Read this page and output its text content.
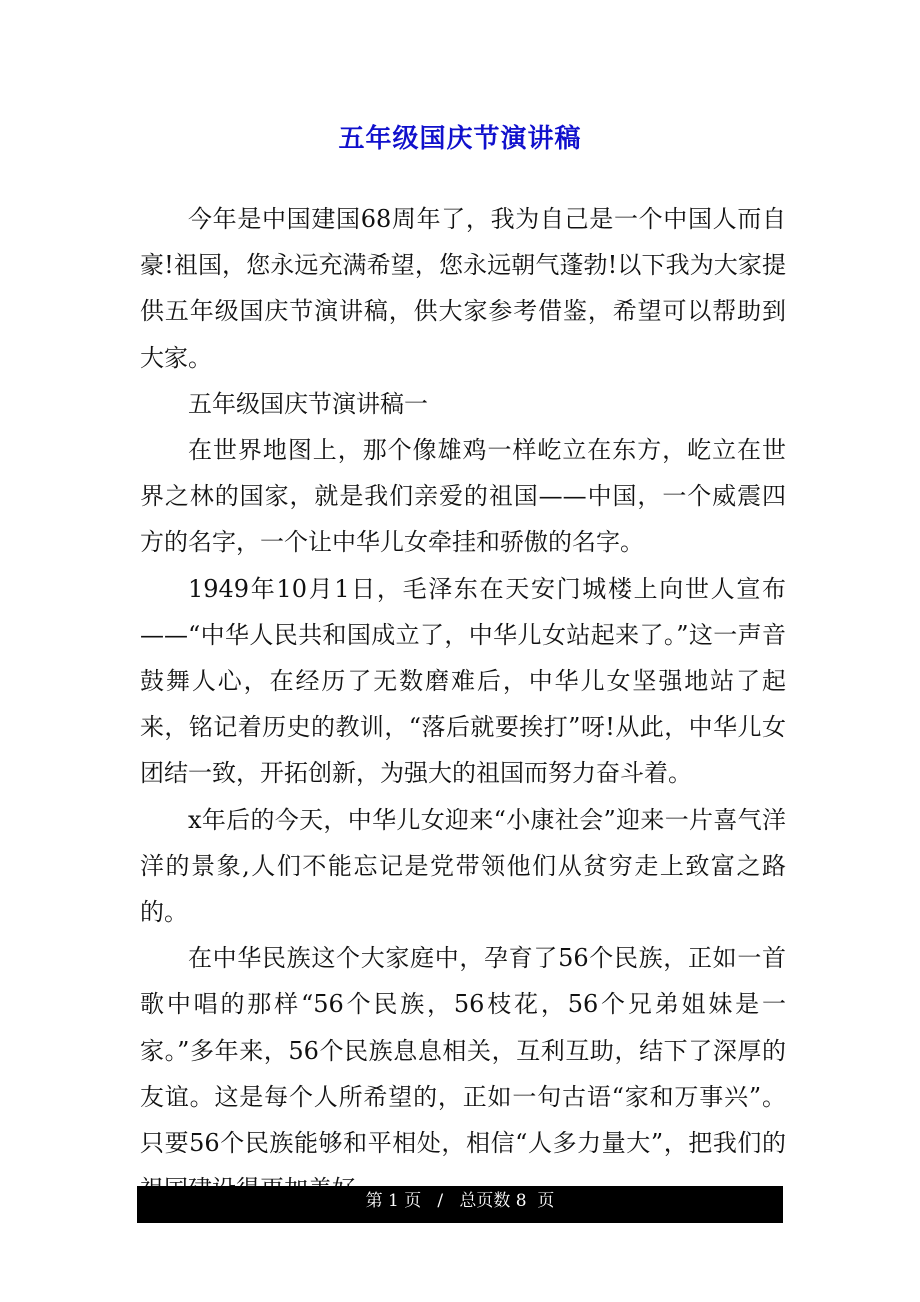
五年级国庆节演讲稿

今年是中国建国68周年了，我为自己是一个中国人而自豪!祖国，您永远充满希望，您永远朝气蓬勃!以下我为大家提供五年级国庆节演讲稿，供大家参考借鉴，希望可以帮助到大家。

五年级国庆节演讲稿一

在世界地图上，那个像雄鸡一样屹立在东方，屹立在世界之林的国家，就是我们亲爱的祖国——中国，一个威震四方的名字，一个让中华儿女牵挂和骄傲的名字。

1949年10月1日，毛泽东在天安门城楼上向世人宣布——“中华人民共和国成立了，中华儿女站起来了。”这一声音鼓舞人心，在经历了无数磨难后，中华儿女坚强地站了起来，铭记着历史的教训，“落后就要挨打”呀!从此，中华儿女团结一致，开拓创新，为强大的祖国而努力奋斗着。

x年后的今天，中华儿女迎来“小康社会”迎来一片喜气洋洋的景象,人们不能忘记是党带领他们从贫穷走上致富之路的。

在中华民族这个大家庭中，孕育了56个民族，正如一首歌中唱的那样“56个民族，56枝花，56个兄弟姐妹是一家。”多年来，56个民族息息相关，互利互助，结下了深厚的友谊。这是每个人所希望的，正如一句古语“家和万事兴”。只要56个民族能够和平相处，相信“人多力量大”，把我们的

第 1 页   /   总页数 8  页
